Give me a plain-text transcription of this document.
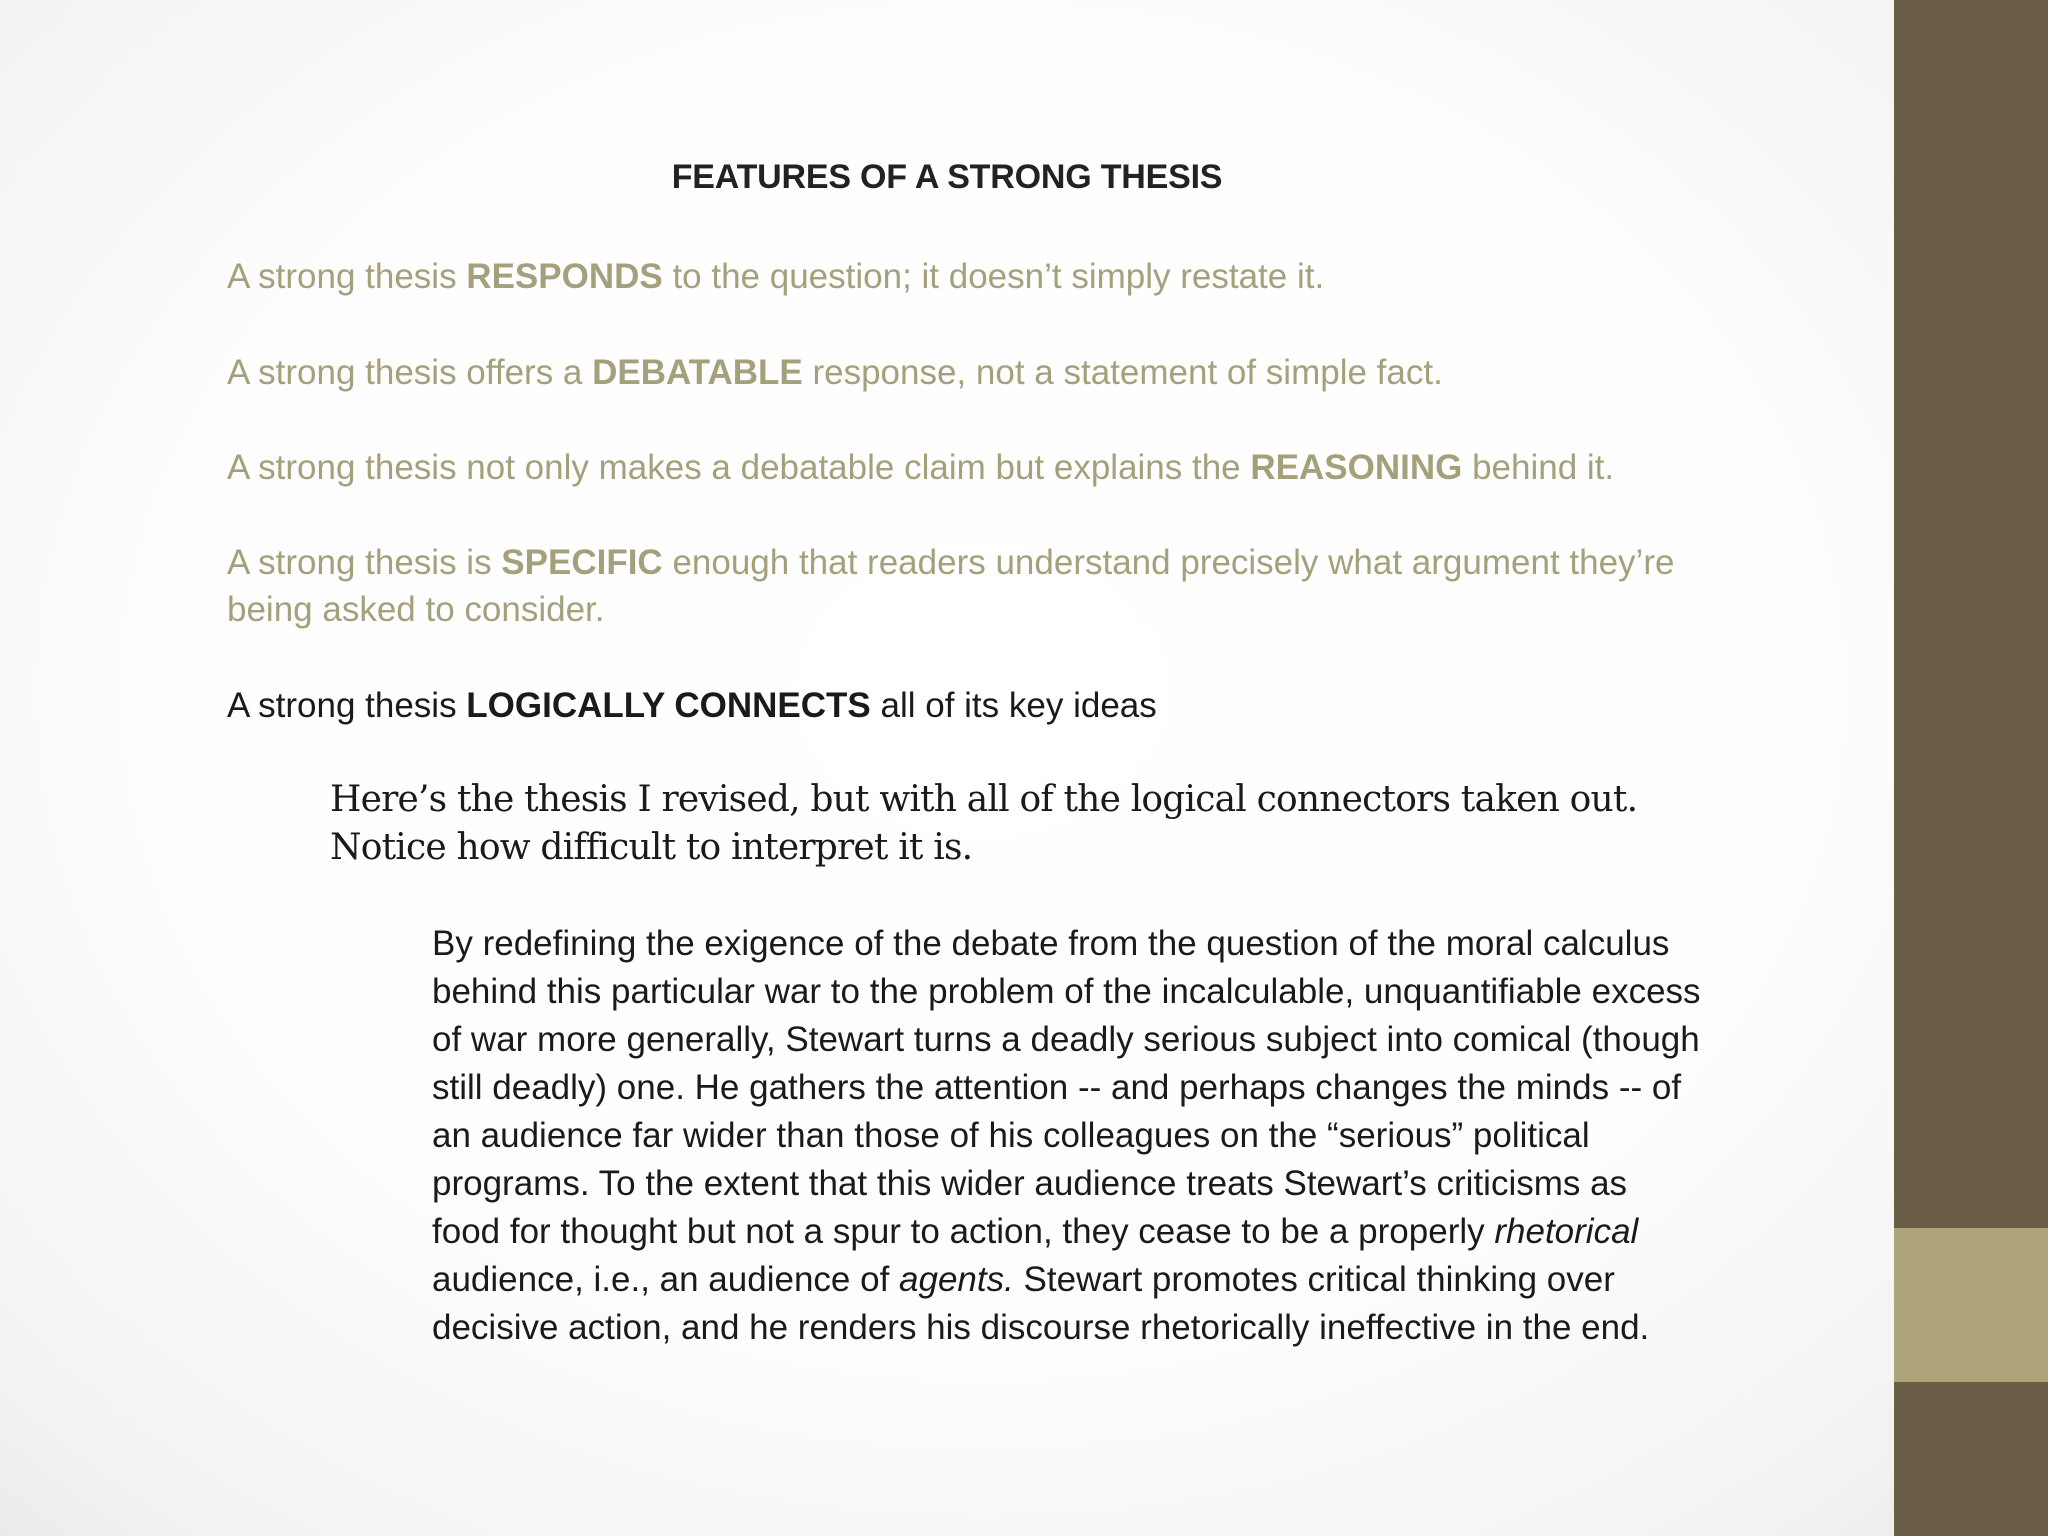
FEATURES OF A STRONG THESIS
A strong thesis RESPONDS to the question; it doesn’t simply restate it.
A strong thesis offers a DEBATABLE response, not a statement of simple fact.
A strong thesis not only makes a debatable claim but explains the REASONING behind it.
A strong thesis is SPECIFIC enough that readers understand precisely what argument they’re being asked to consider.
A strong thesis LOGICALLY CONNECTS all of its key ideas
Here’s the thesis I revised, but with all of the logical connectors taken out. Notice how difficult to interpret it is.
By redefining the exigence of the debate from the question of the moral calculus behind this particular war to the problem of the incalculable, unquantifiable excess of war more generally, Stewart turns a deadly serious subject into comical (though still deadly) one. He gathers the attention -- and perhaps changes the minds -- of an audience far wider than those of his colleagues on the “serious” political programs. To the extent that this wider audience treats Stewart’s criticisms as food for thought but not a spur to action, they cease to be a properly rhetorical audience, i.e., an audience of agents. Stewart promotes critical thinking over decisive action, and he renders his discourse rhetorically ineffective in the end.
